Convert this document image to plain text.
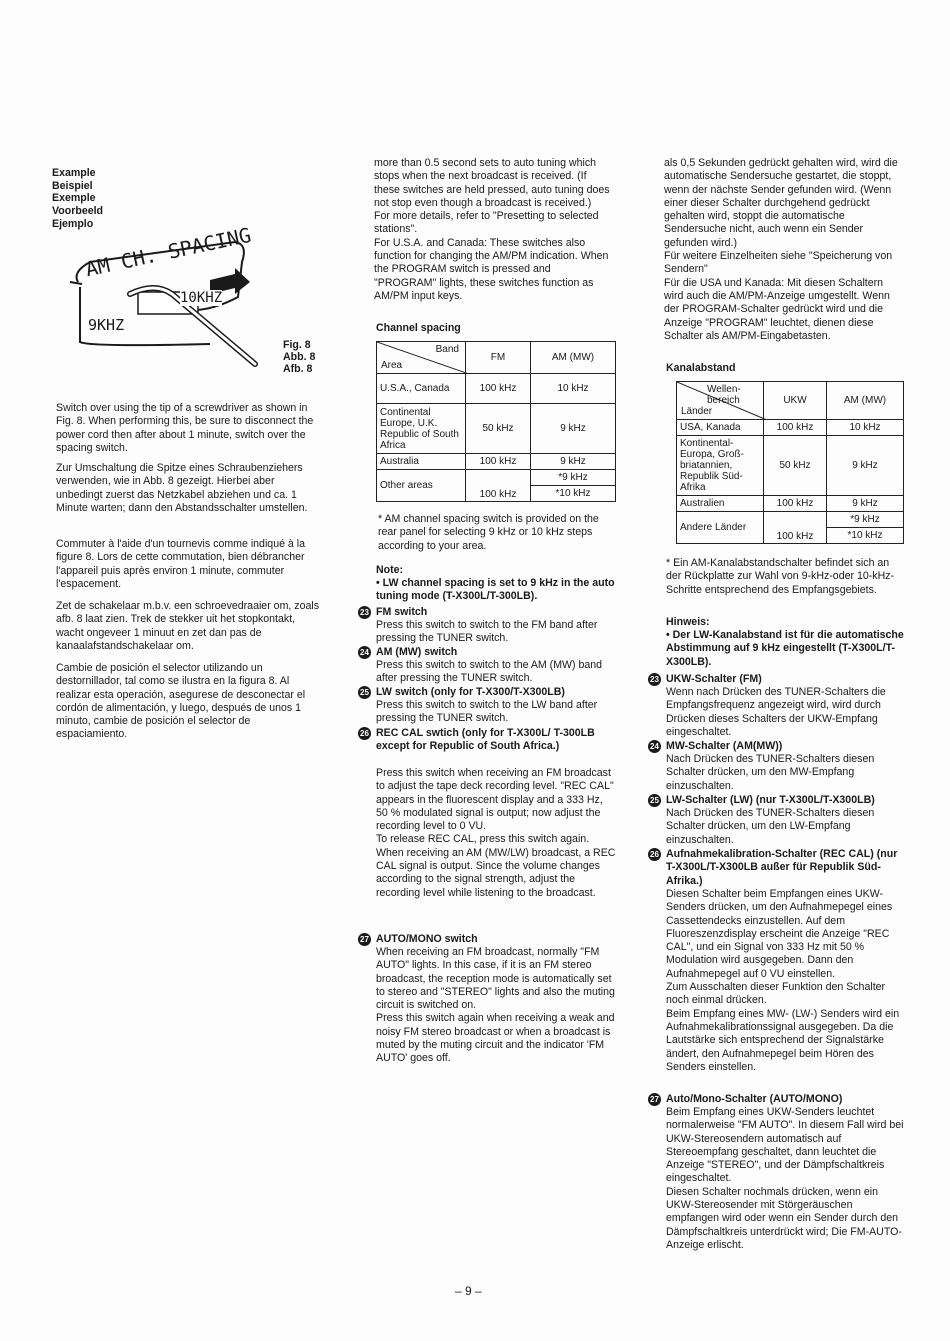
Example
Beispiel
Exemple
Voorbeeld
Ejemplo
AM CH. SPACING
9KHZ
10KHZ
Fig. 8
Abb. 8
Afb. 8

Switch over using the tip of a screwdriver as shown in Fig. 8. When performing this, be sure to disconnect the power cord then after about 1 minute, switch over the spacing switch.

Zur Umschaltung die Spitze eines Schraubenziehers verwenden, wie in Abb. 8 gezeigt. Hierbei aber unbedingt zuerst das Netzkabel abziehen und ca. 1 Minute warten; dann den Abstandsschalter umstellen.

Commuter à l'aide d'un tournevis comme indiqué à la figure 8. Lors de cette commutation, bien débrancher l'appareil puis après environ 1 minute, commuter l'espacement.

Zet de schakelaar m.b.v. een schroevedraaier om, zoals afb. 8 laat zien. Trek de stekker uit het stopkontakt, wacht ongeveer 1 minuut en zet dan pas de kanaalafstandschakelaar om.

Cambie de posición el selector utilizando un destornillador, tal como se ilustra en la figura 8. Al realizar esta operación, asegurese de desconectar el cordón de alimentación, y luego, después de unos 1 minuto, cambie de posición el selector de espaciamiento.

more than 0.5 second sets to auto tuning which stops when the next broadcast is received. (If these switches are held pressed, auto tuning does not stop even though a broadcast is received.)
For more details, refer to "Presetting to selected stations".
For U.S.A. and Canada: These switches also function for changing the AM/PM indication. When the PROGRAM switch is pressed and "PROGRAM" lights, these switches function as AM/PM input keys.

Channel spacing
Band
Area	FM	AM (MW)
U.S.A., Canada	100 kHz	10 kHz
Continental Europe, U.K. Republic of South Africa	50 kHz	9 kHz
Australia	100 kHz	9 kHz
Other areas	100 kHz	*9 kHz
		*10 kHz

* AM channel spacing switch is provided on the rear panel for selecting 9 kHz or 10 kHz steps according to your area.

Note:

• LW channel spacing is set to 9 kHz in the auto tuning mode (T-X300L/T-300LB).

23 FM switch

Press this switch to switch to the FM band after pressing the TUNER switch.

24 AM (MW) switch

Press this switch to switch to the AM (MW) band after pressing the TUNER switch.

25 LW switch (only for T-X300/T-X300LB)

Press this switch to switch to the LW band after pressing the TUNER switch.

26 REC CAL swtich (only for T-X300L/ T-300LB except for Republic of South Africa.)

Press this switch when receiving an FM broadcast to adjust the tape deck recording level. "REC CAL" appears in the fluorescent display and a 333 Hz, 50 % modulated signal is output; now adjust the recording level to 0 VU.
To release REC CAL, press this switch again.
When receiving an AM (MW/LW) broadcast, a REC CAL signal is output. Since the volume changes according to the signal strength, adjust the recording level while listening to the broadcast.

27 AUTO/MONO switch

When receiving an FM broadcast, normally "FM AUTO" lights. In this case, if it is an FM stereo broadcast, the reception mode is automatically set to stereo and "STEREO" lights and also the muting circuit is switched on.
Press this switch again when receiving a weak and noisy FM stereo broadcast or when a broadcast is muted by the muting circuit and the indicator 'FM AUTO' goes off.

als 0,5 Sekunden gedrückt gehalten wird, wird die automatische Sendersuche gestartet, die stoppt, wenn der nächste Sender gefunden wird. (Wenn einer dieser Schalter durchgehend gedrückt gehalten wird, stoppt die automatische Sendersuche nicht, auch wenn ein Sender gefunden wird.)
Für weitere Einzelheiten siehe "Speicherung von Sendern"
Für die USA und Kanada: Mit diesen Schaltern wird auch die AM/PM-Anzeige umgestellt. Wenn der PROGRAM-Schalter gedrückt wird und die Anzeige "PROGRAM" leuchtet, dienen diese Schalter als AM/PM-Eingabetasten.

Kanalabstand
Wellen-bereich
Länder	UKW	AM (MW)
USA, Kanada	100 kHz	10 kHz
Kontinental-Europa, Groß-briatannien, Republik Süd-Afrika	50 kHz	9 kHz
Australien	100 kHz	9 kHz
Andere Länder	100 kHz	*9 kHz
		*10 kHz

* Ein AM-Kanalabstandschalter befindet sich an der Rückplatte zur Wahl von 9-kHz-oder 10-kHz-Schritte entsprechend des Empfangsgebiets.

Hinweis:

• Der LW-Kanalabstand ist für die automatische Abstimmung auf 9 kHz eingestellt (T-X300L/T-X300LB).

23 UKW-Schalter (FM)

Wenn nach Drücken des TUNER-Schalters die Empfangsfrequenz angezeigt wird, wird durch Drücken dieses Schalters der UKW-Empfang eingeschaltet.

24 MW-Schalter (AM(MW))

Nach Drücken des TUNER-Schalters diesen Schalter drücken, um den MW-Empfang einzuschalten.

25 LW-Schalter (LW) (nur T-X300L/T-X300LB)

Nach Drücken des TUNER-Schalters diesen Schalter drücken, um den LW-Empfang einzuschalten.

26 Aufnahmekalibration-Schalter (REC CAL) (nur T-X300L/T-X300LB außer für Republik Süd-Afrika.)

Diesen Schalter beim Empfangen eines UKW-Senders drücken, um den Aufnahmepegel eines Cassettendecks einzustellen. Auf dem Fluoreszenzdisplay erscheint die Anzeige "REC CAL", und ein Signal von 333 Hz mit 50 % Modulation wird ausgegeben. Dann den Aufnahmepegel auf 0 VU einstellen.
Zum Ausschalten dieser Funktion den Schalter noch einmal drücken.
Beim Empfang eines MW- (LW-) Senders wird ein Aufnahmekalibrationssignal ausgegeben. Da die Lautstärke sich entsprechend der Signalstärke ändert, den Aufnahmepegel beim Hören des Senders einstellen.

27 Auto/Mono-Schalter (AUTO/MONO)

Beim Empfang eines UKW-Senders leuchtet normalerweise "FM AUTO". In diesem Fall wird bei UKW-Stereosendern automatisch auf Stereoempfang geschaltet, dann leuchtet die Anzeige "STEREO", und der Dämpfschaltkreis eingeschaltet.
Diesen Schalter nochmals drücken, wenn ein UKW-Stereosender mit Störgeräuschen empfangen wird oder wenn ein Sender durch den Dämpfschaltkreis unterdrückt wird; Die FM-AUTO-Anzeige erlischt.

– 9 –
